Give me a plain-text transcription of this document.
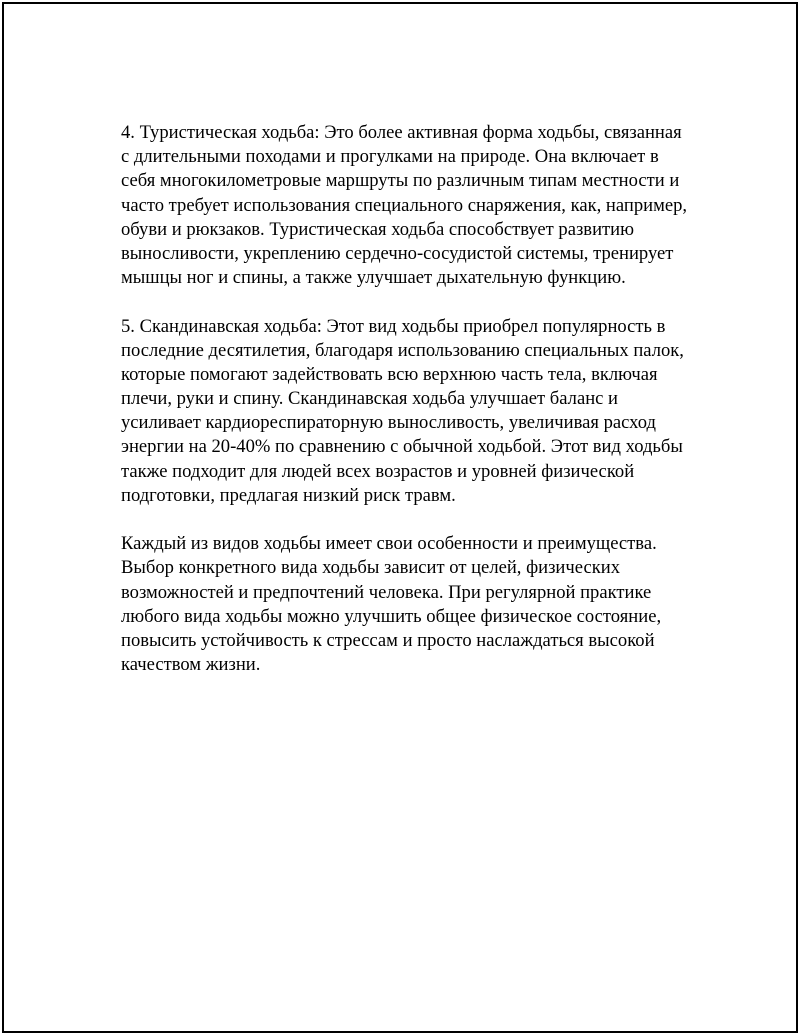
4. Туристическая ходьба: Это более активная форма ходьбы, связанная
с длительными походами и прогулками на природе. Она включает в
себя многокилометровые маршруты по различным типам местности и
часто требует использования специального снаряжения, как, например,
обуви и рюкзаков. Туристическая ходьба способствует развитию
выносливости, укреплению сердечно-сосудистой системы, тренирует
мышцы ног и спины, а также улучшает дыхательную функцию.

5. Скандинавская ходьба: Этот вид ходьбы приобрел популярность в
последние десятилетия, благодаря использованию специальных палок,
которые помогают задействовать всю верхнюю часть тела, включая
плечи, руки и спину. Скандинавская ходьба улучшает баланс и
усиливает кардиореспираторную выносливость, увеличивая расход
энергии на 20-40% по сравнению с обычной ходьбой. Этот вид ходьбы
также подходит для людей всех возрастов и уровней физической
подготовки, предлагая низкий риск травм.

Каждый из видов ходьбы имеет свои особенности и преимущества.
Выбор конкретного вида ходьбы зависит от целей, физических
возможностей и предпочтений человека. При регулярной практике
любого вида ходьбы можно улучшить общее физическое состояние,
повысить устойчивость к стрессам и просто наслаждаться высокой
качеством жизни.
